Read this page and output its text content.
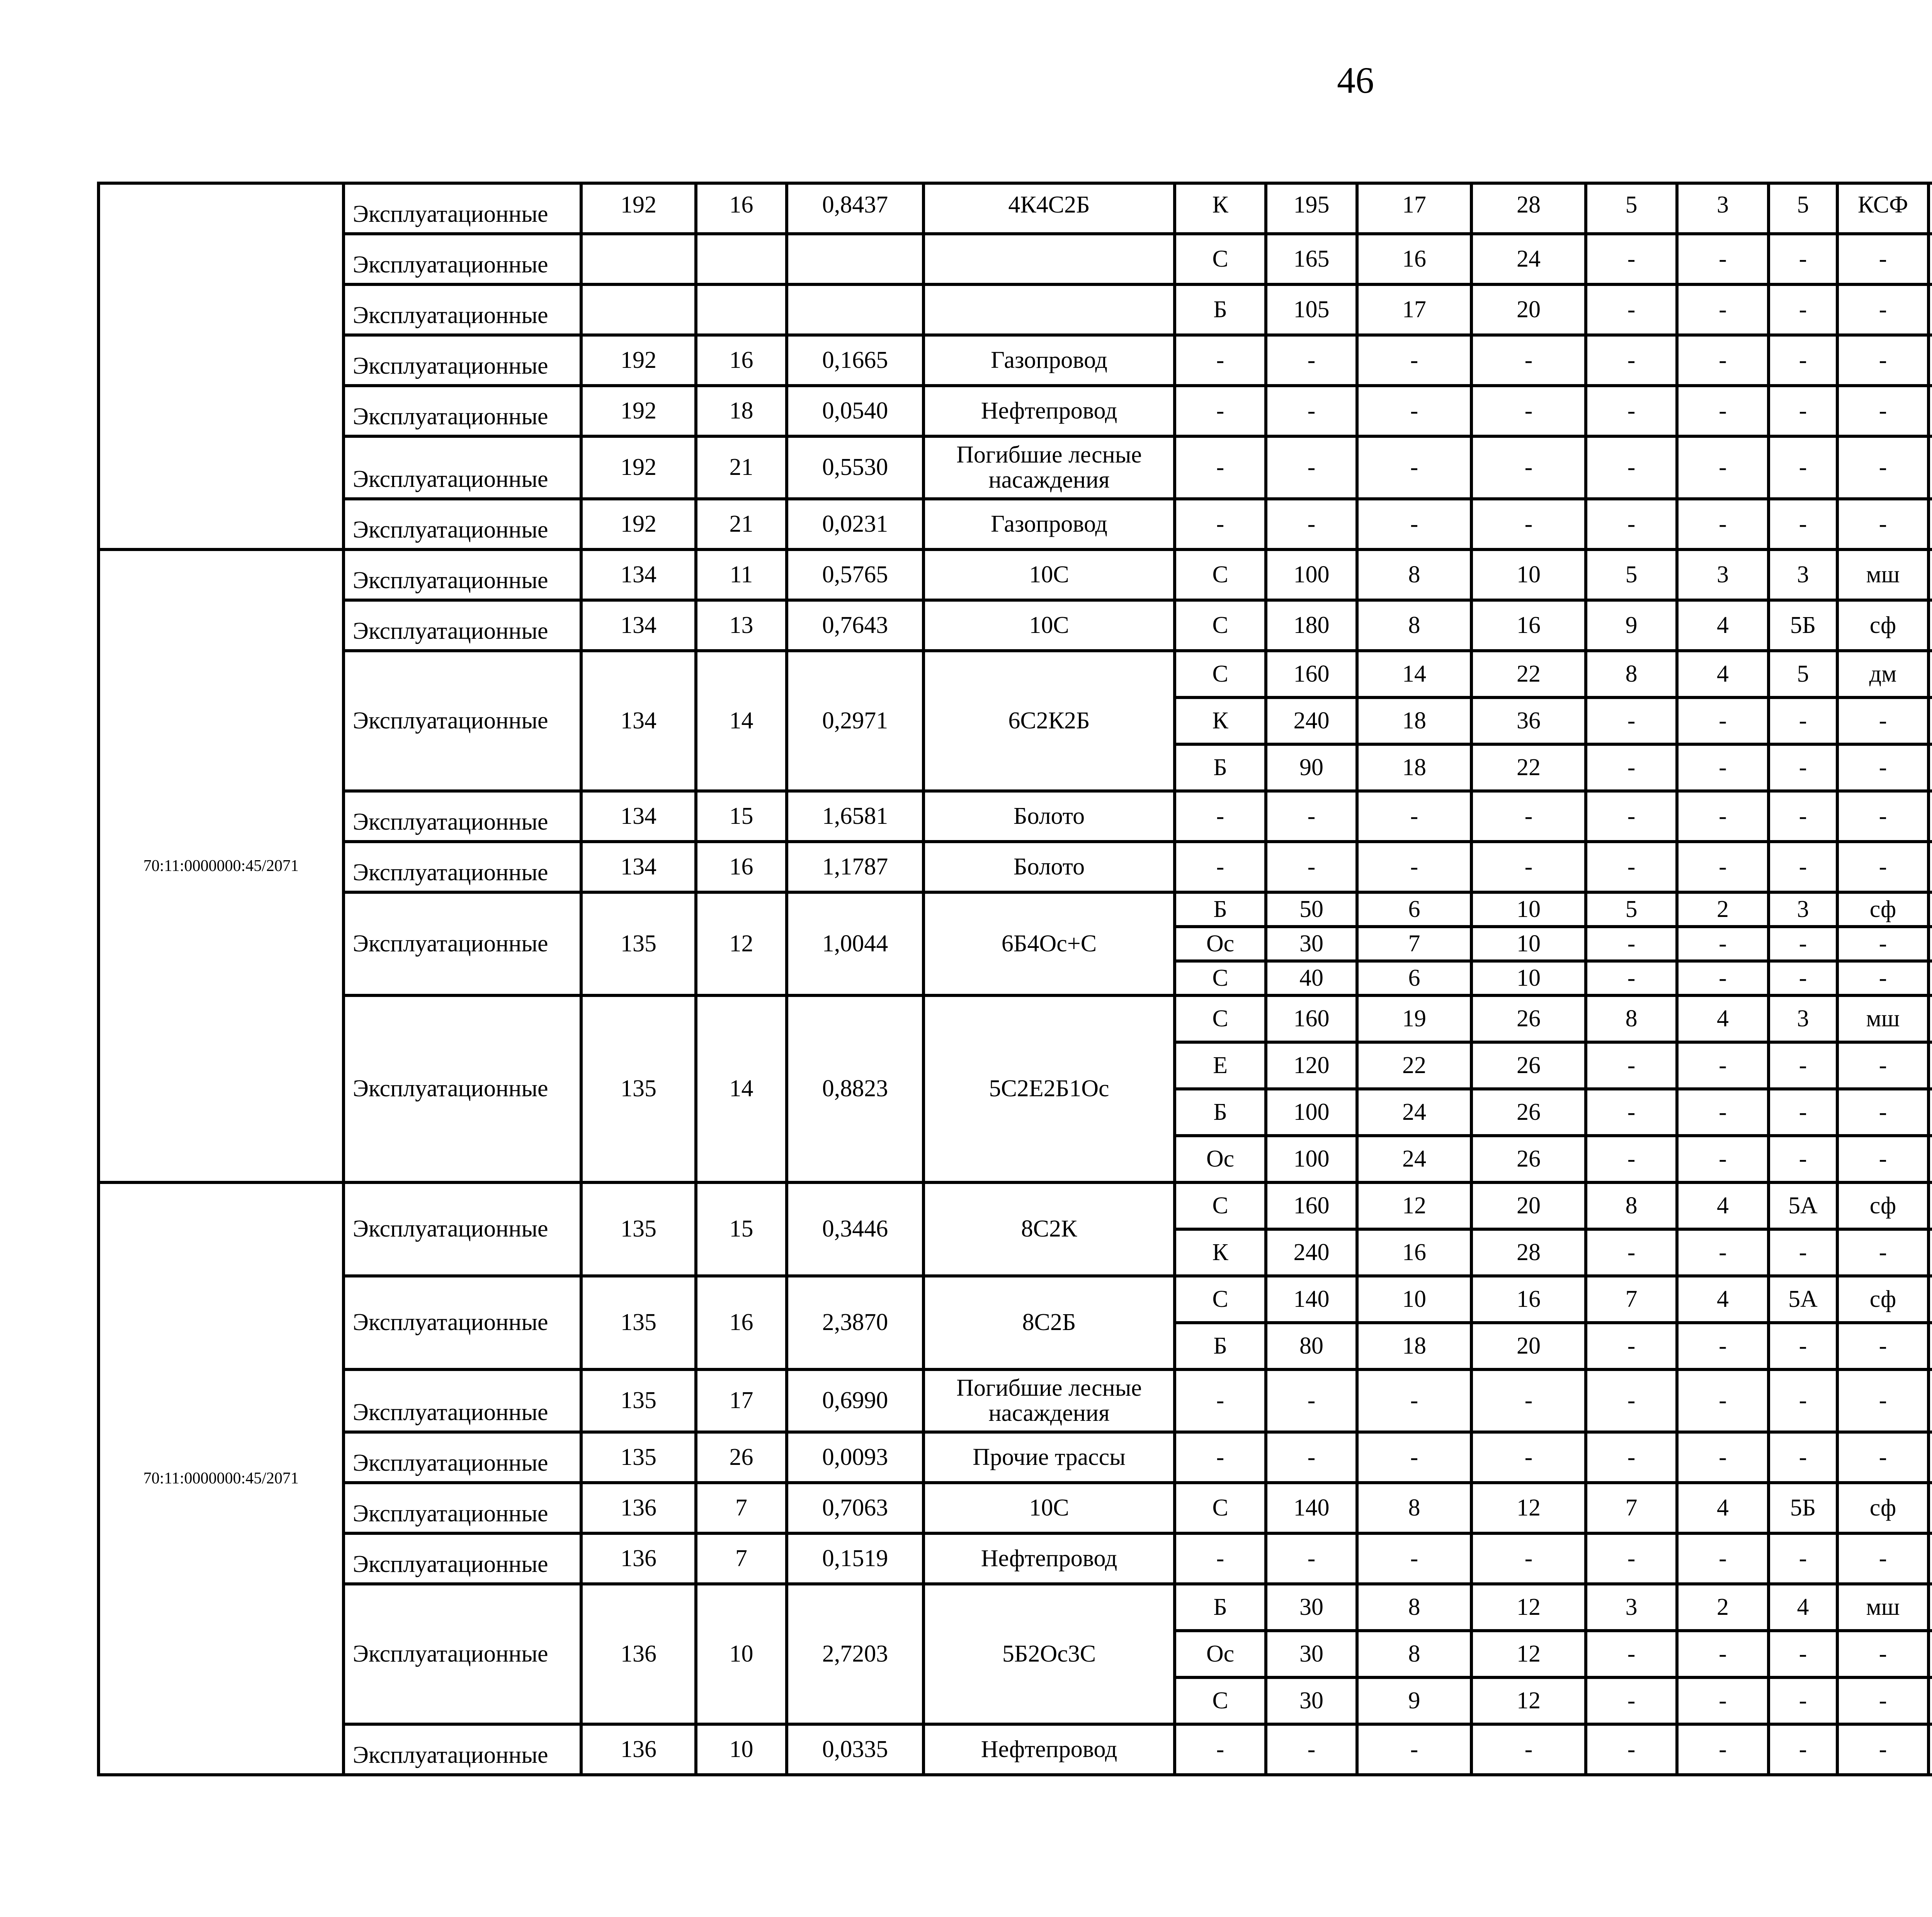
46
	Эксплуатационные	192	16	0,8437	4К4С2Б	К	195	17	28	5	3	5	КСФ					
	Эксплуатационные					С	165	16	24	-	-	-	-					
	Эксплуатационные					Б	105	17	20	-	-	-	-					
	Эксплуатационные	192	16	0,1665	Газопровод	-	-	-	-	-	-	-	-					
	Эксплуатационные	192	18	0,0540	Нефтепровод	-	-	-	-	-	-	-	-					
	Эксплуатационные	192	21	0,5530	Погибшие лесные насаждения	-	-	-	-	-	-	-	-					
	Эксплуатационные	192	21	0,0231	Газопровод	-	-	-	-	-	-	-	-					
70:11:0000000:45/2071	Эксплуатационные	134	11	0,5765	10С	С	100	8	10	5	3	3	мш					
	Эксплуатационные	134	13	0,7643	10С	С	180	8	16	9	4	5Б	сф					
	Эксплуатационные	134	14	0,2971	6С2К2Б	С	160	14	22	8	4	5	дм					
						К	240	18	36	-	-	-	-				
						Б	90	18	22	-	-	-	-				
	Эксплуатационные	134	15	1,6581	Болото	-	-	-	-	-	-	-	-					
	Эксплуатационные	134	16	1,1787	Болото	-	-	-	-	-	-	-	-					
	Эксплуатационные	135	12	1,0044	6Б4Ос+С	Б	50	6	10	5	2	3	сф					
						Ос	30	7	10	-	-	-	-				
						С	40	6	10	-	-	-	-				
	Эксплуатационные	135	14	0,8823	5С2Е2Б1Ос	С	160	19	26	8	4	3	мш					
						Е	120	22	26	-	-	-	-				
						Б	100	24	26	-	-	-	-				
						Ос	100	24	26	-	-	-	-				
70:11:0000000:45/2071	Эксплуатационные	135	15	0,3446	8С2К	С	160	12	20	8	4	5А	сф					
						К	240	16	28	-	-	-	-				
	Эксплуатационные	135	16	2,3870	8С2Б	С	140	10	16	7	4	5А	сф					
						Б	80	18	20	-	-	-	-				
	Эксплуатационные	135	17	0,6990	Погибшие лесные насаждения	-	-	-	-	-	-	-	-					
	Эксплуатационные	135	26	0,0093	Прочие трассы	-	-	-	-	-	-	-	-					
	Эксплуатационные	136	7	0,7063	10С	С	140	8	12	7	4	5Б	сф					
	Эксплуатационные	136	7	0,1519	Нефтепровод	-	-	-	-	-	-	-	-					
	Эксплуатационные	136	10	2,7203	5Б2Ос3С	Б	30	8	12	3	2	4	мш					
						Ос	30	8	12	-	-	-	-				
						С	30	9	12	-	-	-	-				
	Эксплуатационные	136	10	0,0335	Нефтепровод	-	-	-	-	-	-	-	-					
